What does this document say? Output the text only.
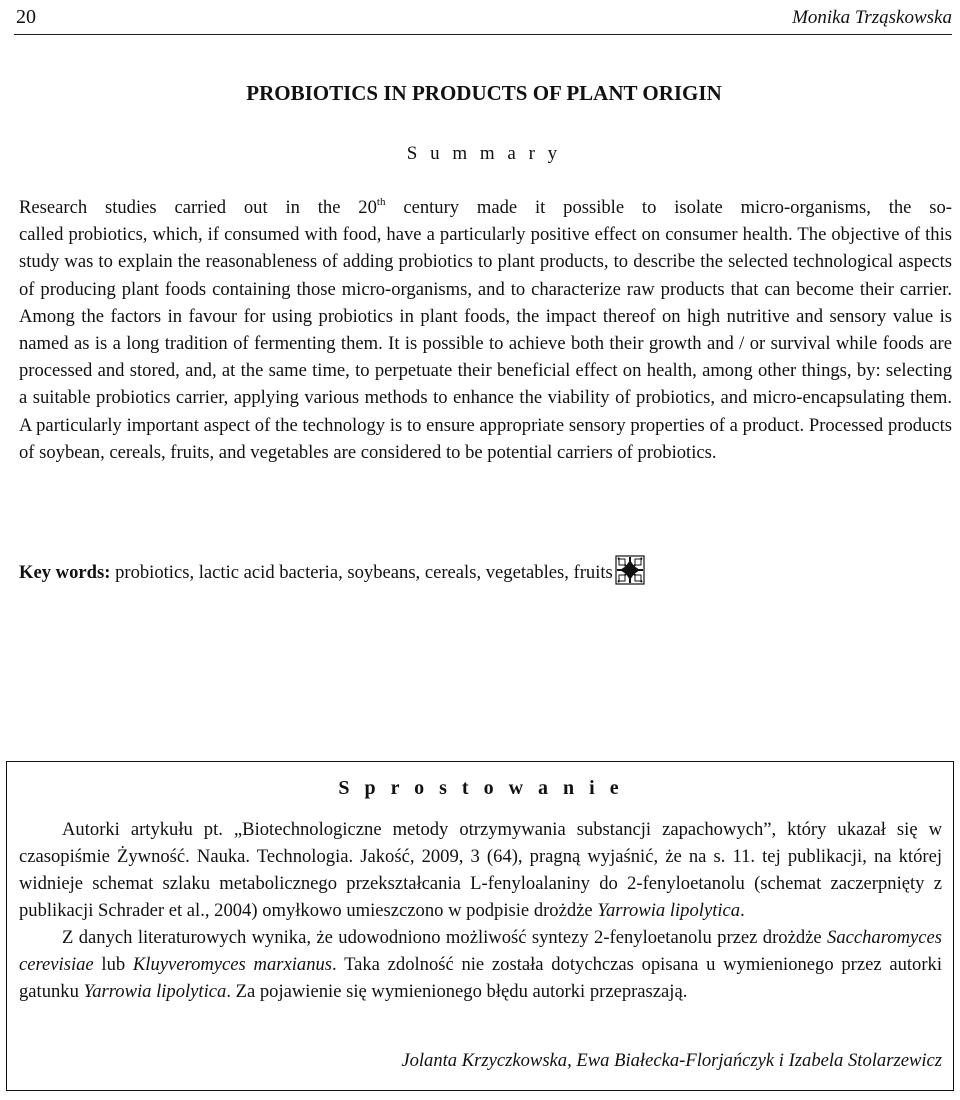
20	Monika Trząskowska
PROBIOTICS IN PRODUCTS OF PLANT ORIGIN
S u m m a r y
Research studies carried out in the 20th century made it possible to isolate micro-organisms, the so-
called probiotics, which, if consumed with food, have a particularly positive effect on consumer health. The objective of this study was to explain the reasonableness of adding probiotics to plant products, to describe the selected technological aspects of producing plant foods containing those micro-organisms, and to characterize raw products that can become their carrier. Among the factors in favour for using probiotics in plant foods, the impact thereof on high nutritive and sensory value is named as is a long tradition of fermenting them. It is possible to achieve both their growth and / or survival while foods are processed and stored, and, at the same time, to perpetuate their beneficial effect on health, among other things, by: selecting a suitable probiotics carrier, applying various methods to enhance the viability of probiotics, and micro-encapsulating them. A particularly important aspect of the technology is to ensure appropriate sensory properties of a product. Processed products of soybean, cereals, fruits, and vegetables are considered to be potential carriers of probiotics.
Key words: probiotics, lactic acid bacteria, soybeans, cereals, vegetables, fruits
S p r o s t o w a n i e

Autorki artykułu pt. „Biotechnologiczne metody otrzymywania substancji zapachowych”, który ukazał się w czasopiśmie Żywność. Nauka. Technologia. Jakość, 2009, 3 (64), pragną wyjaśnić, że na s. 11. tej publikacji, na której widnieje schemat szlaku metabolicznego przekształcania L-fenyloalaniny do 2-fenyloetanolu (schemat zaczerpnięty z publikacji Schrader et al., 2004) omyłkowo umieszczono w podpisie drożdże Yarrowia lipolytica.

Z danych literaturowych wynika, że udowodniono możliwość syntezy 2-fenyloetanolu przez drożdże Saccharomyces cerevisiae lub Kluyveromyces marxianus. Taka zdolność nie została dotychczas opisana u wymienionego przez autorki gatunku Yarrowia lipolytica. Za pojawienie się wymienionego błędu autorki przepraszają.

Jolanta Krzyczkowska, Ewa Białecka-Florjańczyk i Izabela Stolarzewicz
